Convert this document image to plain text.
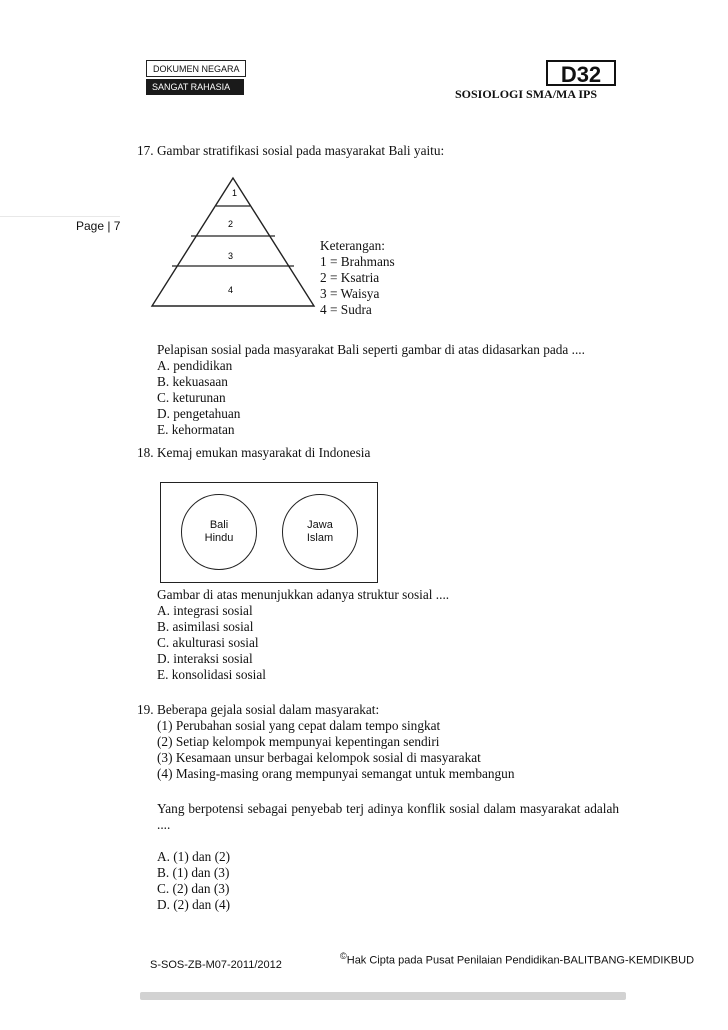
DOKUMEN NEGARA
SANGAT RAHASIA	D32
SOSIOLOGI SMA/MA IPS
Page | 7
17. Gambar stratifikasi sosial pada masyarakat Bali yaitu:
1
2
3
4
Keterangan:
1 = Brahmans
2 = Ksatria
3 = Waisya
4 = Sudra
Pelapisan sosial pada masyarakat Bali seperti gambar di atas didasarkan pada ....
A. pendidikan
B. kekuasaan
C. keturunan
D. pengetahuan
E. kehormatan
18. Kemaj emukan masyarakat di Indonesia
Bali
Hindu
Jawa
Islam
Gambar di atas menunjukkan adanya struktur sosial ....
A. integrasi sosial
B. asimilasi sosial
C. akulturasi sosial
D. interaksi sosial
E. konsolidasi sosial
19. Beberapa gejala sosial dalam masyarakat:
(1) Perubahan sosial yang cepat dalam tempo singkat
(2) Setiap kelompok mempunyai kepentingan sendiri
(3) Kesamaan unsur berbagai kelompok sosial di masyarakat
(4) Masing-masing orang mempunyai semangat untuk membangun
Yang berpotensi sebagai penyebab terj adinya konflik sosial dalam masyarakat adalah ....
A. (1) dan (2)
B. (1) dan (3)
C. (2) dan (3)
D. (2) dan (4)
S-SOS-ZB-M07-2011/2012
©Hak Cipta pada Pusat Penilaian Pendidikan-BALITBANG-KEMDIKBUD
